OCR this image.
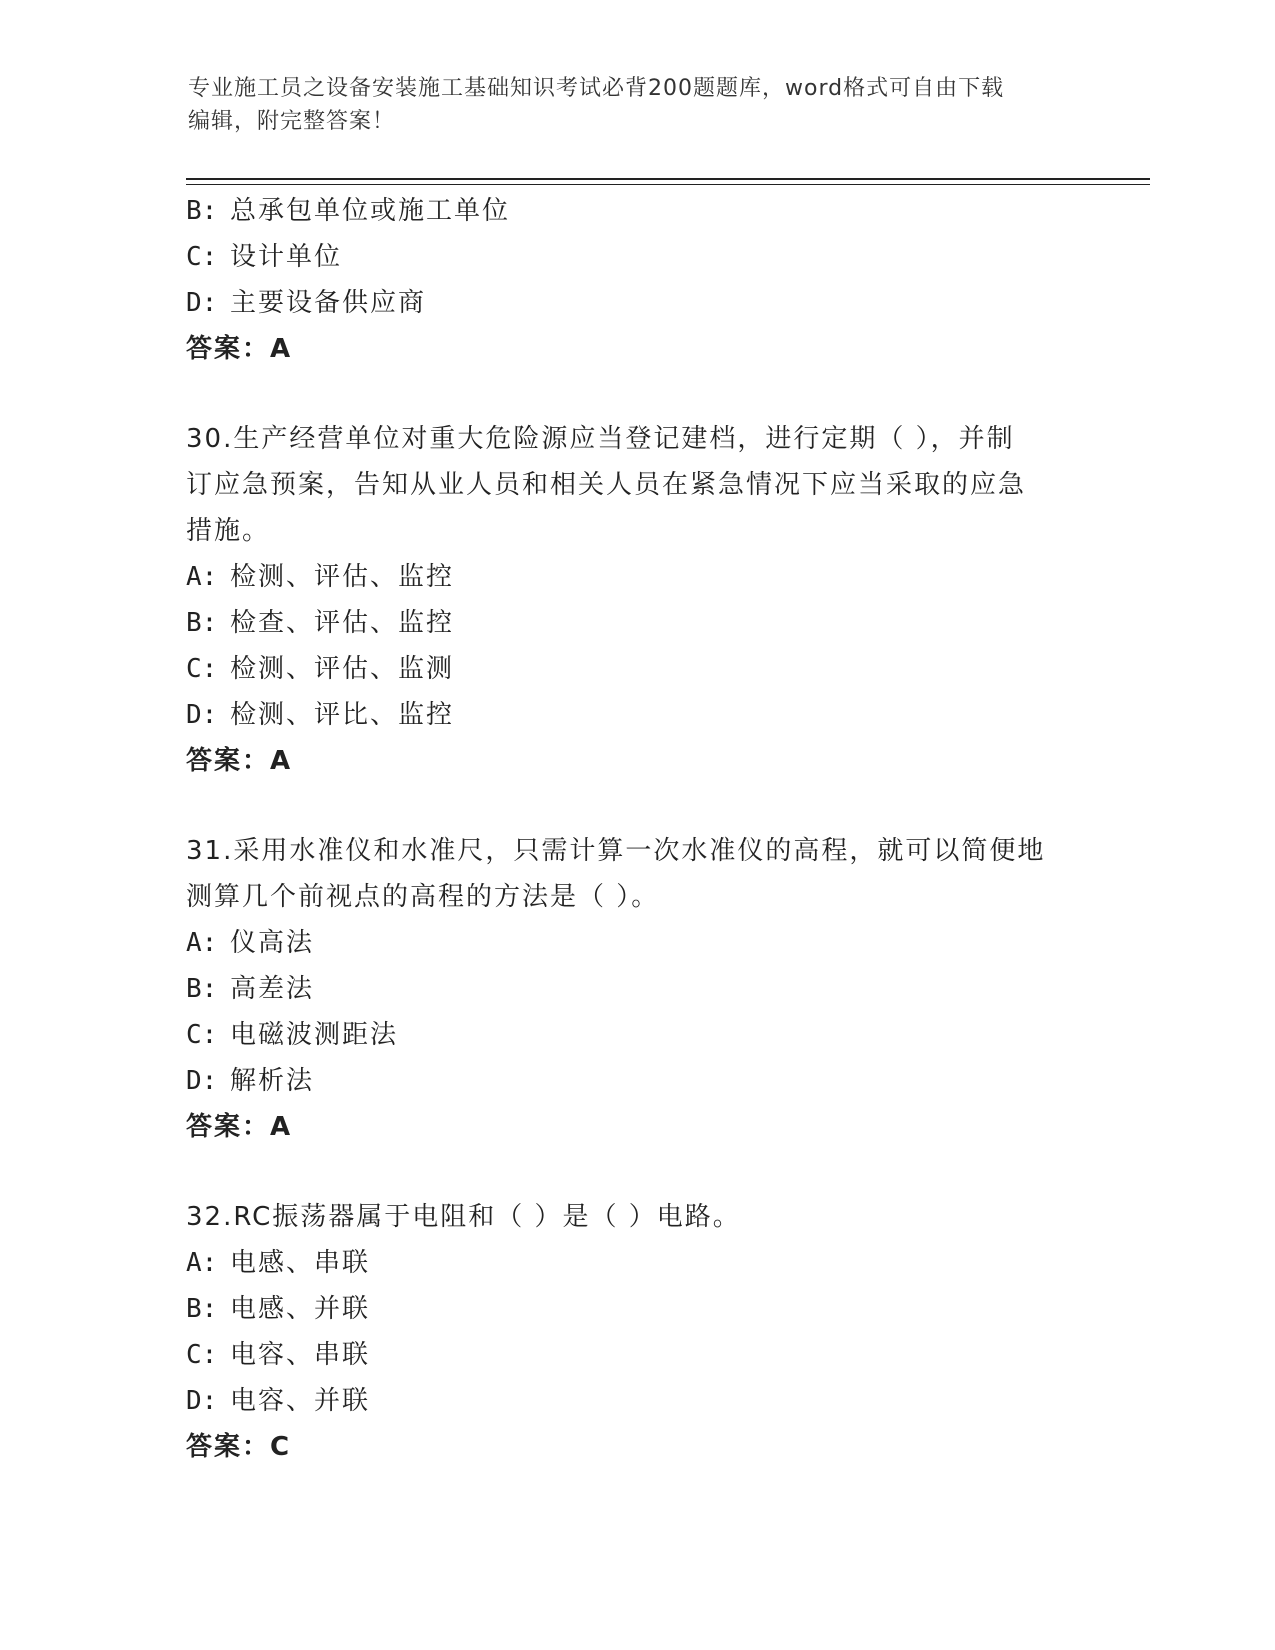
专业施工员之设备安装施工基础知识考试必背200题题库，word格式可自由下载
编辑，附完整答案！
B: 总承包单位或施工单位
C: 设计单位
D: 主要设备供应商
答案：A
30.生产经营单位对重大危险源应当登记建档，进行定期（ ），并制
订应急预案，告知从业人员和相关人员在紧急情况下应当采取的应急
措施。
A: 检测、评估、监控
B: 检查、评估、监控
C: 检测、评估、监测
D: 检测、评比、监控
答案：A
31.采用水准仪和水准尺，只需计算一次水准仪的高程，就可以简便地
测算几个前视点的高程的方法是（ ）。
A: 仪高法
B: 高差法
C: 电磁波测距法
D: 解析法
答案：A
32.RC振荡器属于电阻和（ ）是（ ）电路。
A: 电感、串联
B: 电感、并联
C: 电容、串联
D: 电容、并联
答案：C
